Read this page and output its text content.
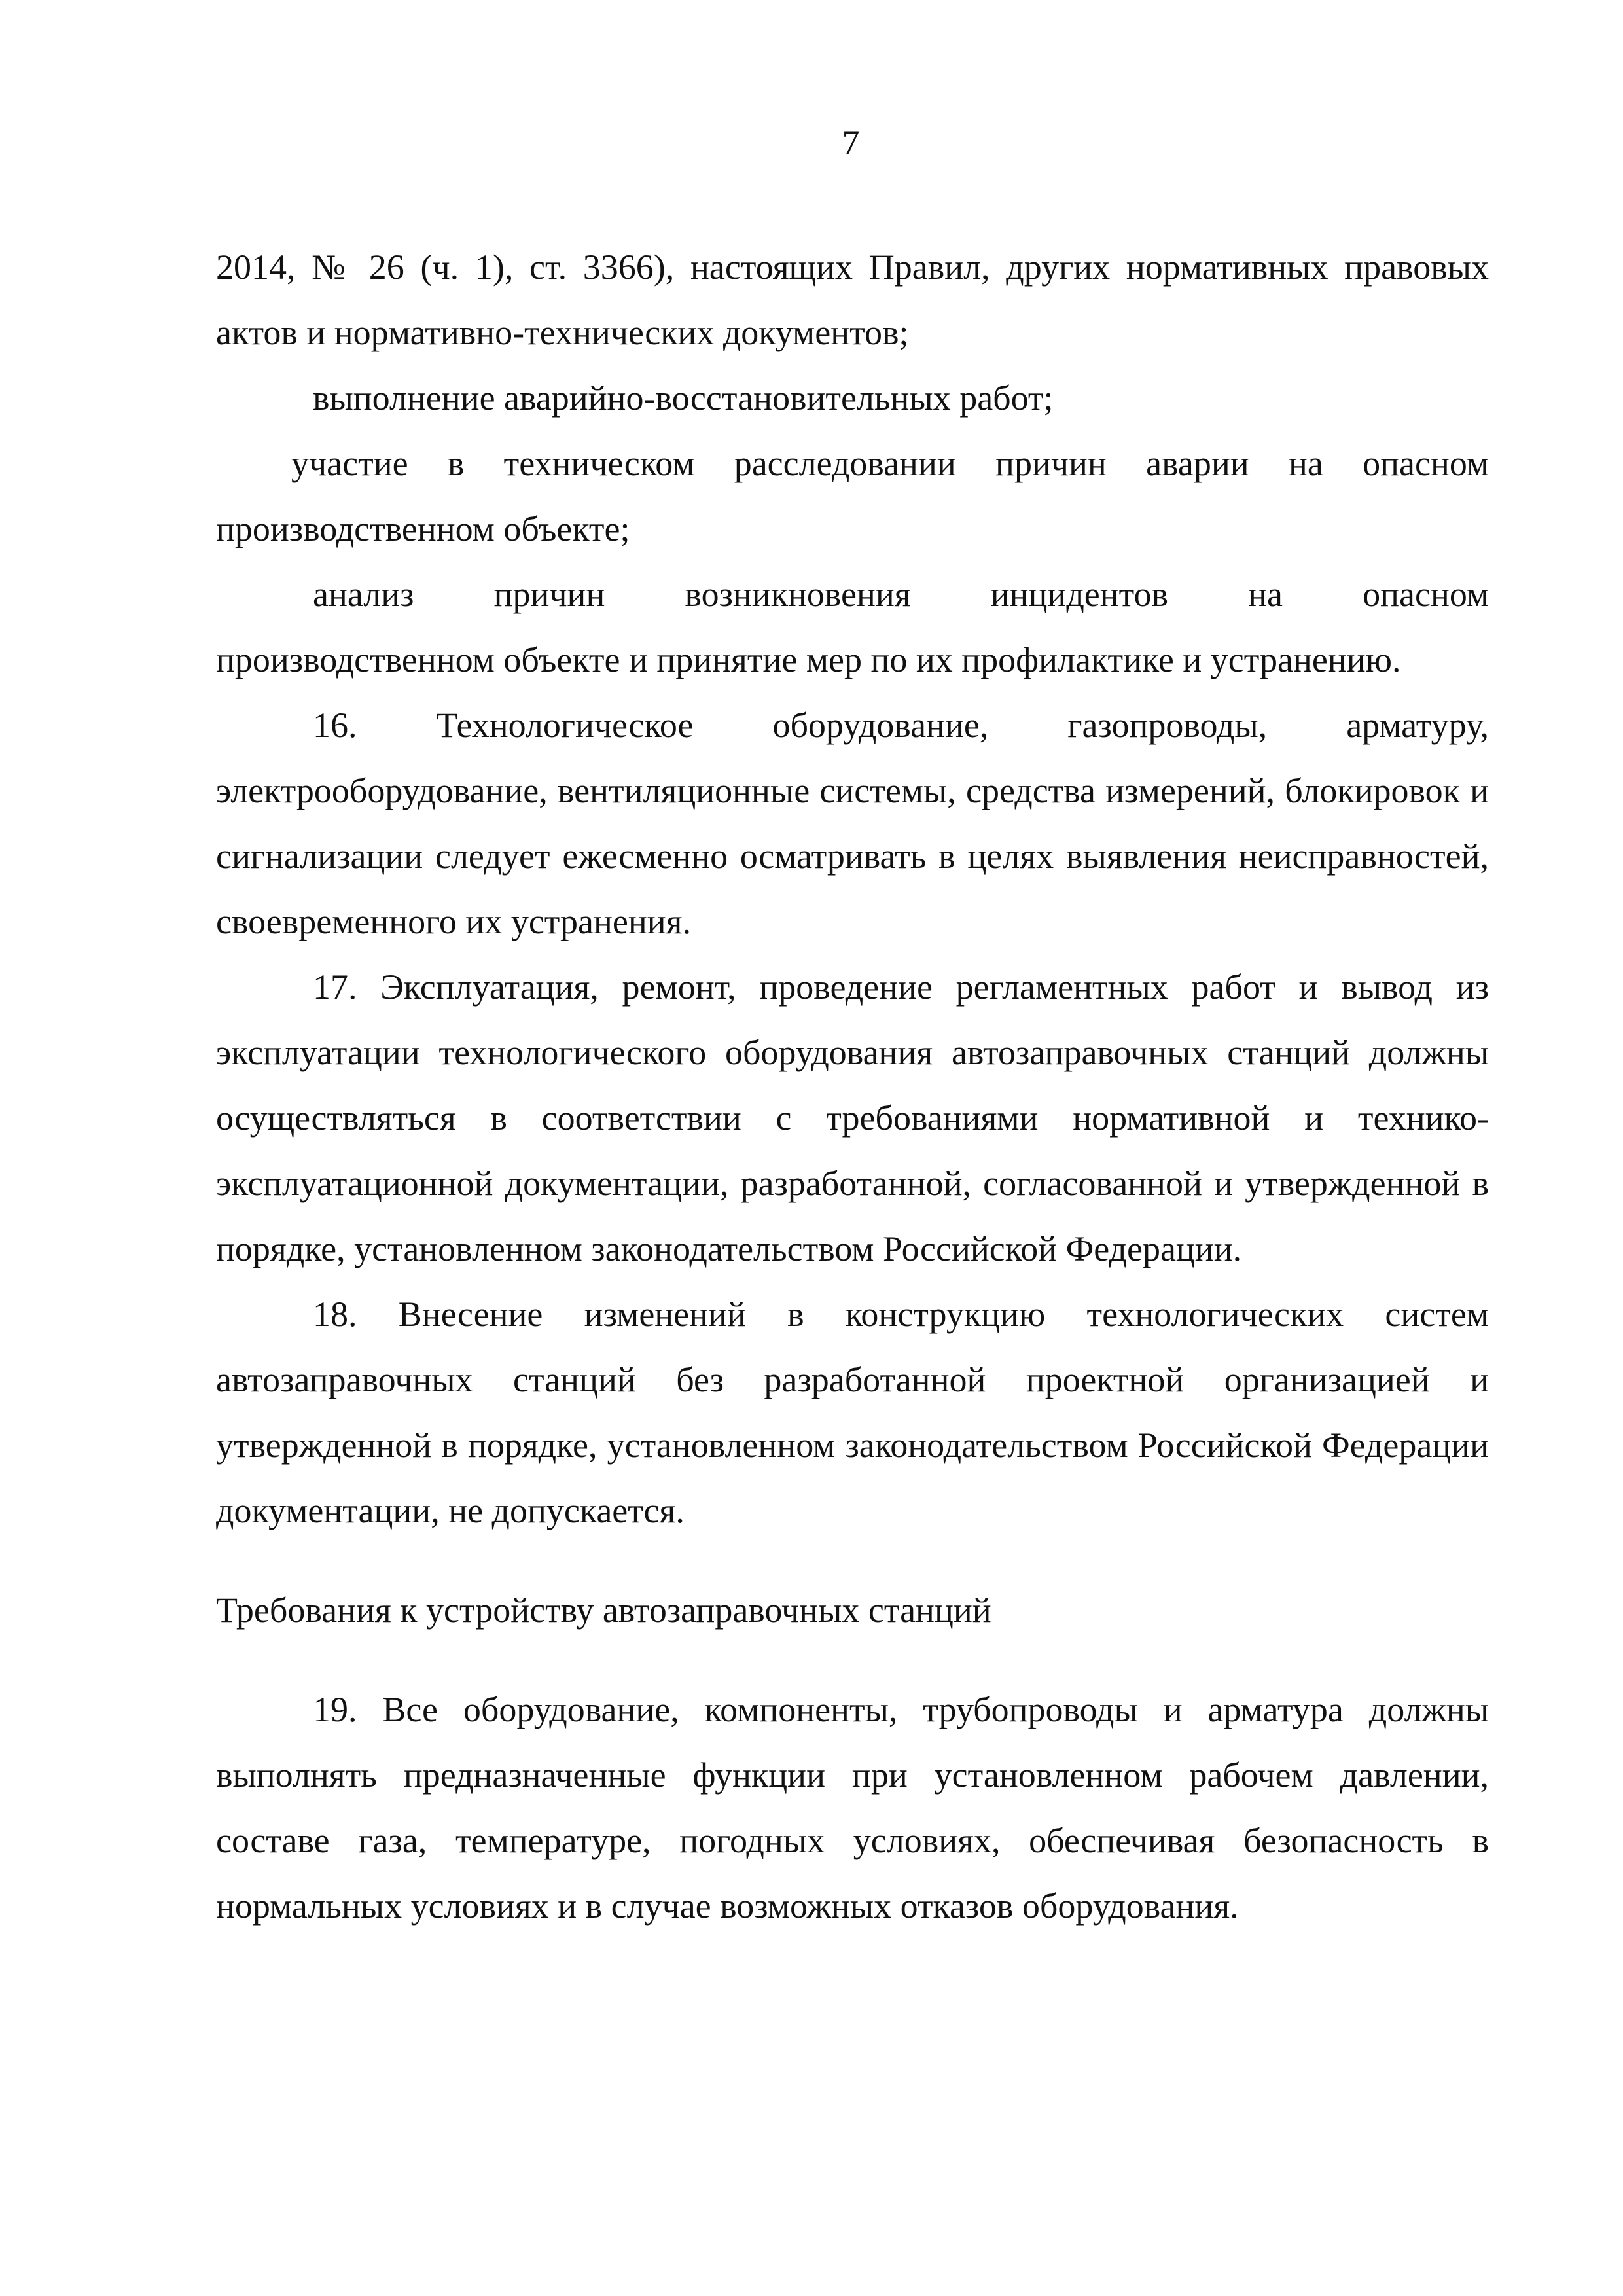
7

2014, № 26 (ч. 1), ст. 3366), настоящих Правил, других нормативных правовых актов и нормативно-технических документов;

выполнение аварийно-восстановительных работ;

участие в техническом расследовании причин аварии на опасном производственном объекте;

анализ причин возникновения инцидентов на опасном

производственном объекте и принятие мер по их профилактике и устранению.

16. Технологическое оборудование, газопроводы, арматуру, электрооборудование, вентиляционные системы, средства измерений, блокировок и сигнализации следует ежесменно осматривать в целях выявления неисправностей, своевременного их устранения.

17. Эксплуатация, ремонт, проведение регламентных работ и вывод из эксплуатации технологического оборудования автозаправочных станций должны осуществляться в соответствии с требованиями нормативной и технико-эксплуатационной документации, разработанной, согласованной и утвержденной в порядке, установленном законодательством Российской Федерации.

18. Внесение изменений в конструкцию технологических систем автозаправочных станций без разработанной проектной организацией и утвержденной в порядке, установленном законодательством Российской Федерации документации, не допускается.

Требования к устройству автозаправочных станций

19. Все оборудование, компоненты, трубопроводы и арматура должны выполнять предназначенные функции при установленном рабочем давлении, составе газа, температуре, погодных условиях, обеспечивая безопасность в нормальных условиях и в случае возможных отказов оборудования.
